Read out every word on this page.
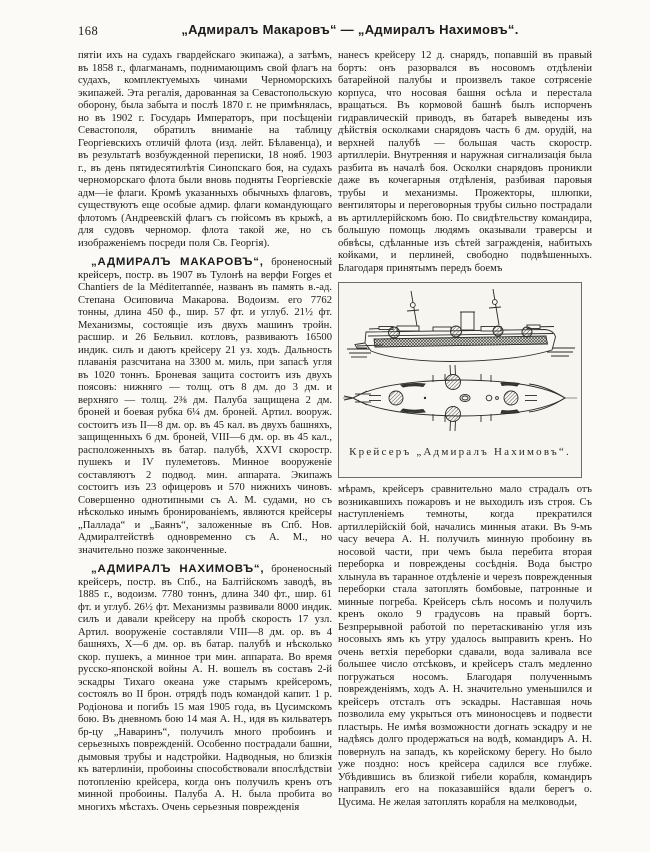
168	„Адмиралъ Макаровъ“ — „Адмиралъ Нахимовъ“.

пятіи ихъ на судахъ гвардейскаго экипажа), а затѣмъ, въ 1858 г., флагманамъ, поднимающимъ свой флагъ на судахъ, комплектуемыхъ чинами Черноморскихъ экипажей. Эта регалія, дарованная за Севастопольскую оборону, была забыта и послѣ 1870 г. не примѣнялась, но въ 1902 г. Государь Императоръ, при посѣщеніи Севастополя, обратилъ вниманіе на таблицу Георгіевскихъ отличій флота (изд. лейт. Бѣлавенца), и въ результатѣ возбужденной переписки, 18 нояб. 1903 г., въ день пятидесятилѣтія Синопскаго боя, на судахъ черноморскаго флота были вновь подняты Георгіевскіе адм—іе флаги. Кромѣ указанныхъ обычныхъ флаговъ, существуютъ еще особые адмир. флаги командующаго флотомъ (Андреевскій флагъ съ гюйсомъ въ крыжѣ, а для судовъ черномор. флота такой же, но съ изображеніемъ посреди поля Св. Георгія).

„АДМИРАЛЪ МАКАРОВЪ“, броненосный крейсеръ, постр. въ 1907 въ Тулонѣ на верфи Forges et Chantiers de la Méditerrannée, названъ въ память в.-ад. Степана Осиповича Макарова. Водоизм. его 7762 тонны, длина 450 ф., шир. 57 фт. и углуб. 21½ фт. Механизмы, состоящіе изъ двухъ машинъ тройн. расшир. и 26 Бельвил. котловъ, развиваютъ 16500 индик. силъ и даютъ крейсеру 21 уз. ходъ. Дальность плаванія разсчитана на 3300 м. миль, при запасѣ угля въ 1020 тоннъ. Броневая защита состоитъ изъ двухъ поясовъ: нижняго — толщ. отъ 8 дм. до 3 дм. и верхняго — толщ. 2⅜ дм. Палуба защищена 2 дм. броней и боевая рубка 6¼ дм. броней. Артил. вооруж. состоитъ изъ II—8 дм. ор. въ 45 кал. въ двухъ башняхъ, защищенныхъ 6 дм. броней, VIII—6 дм. ор. въ 45 кал., расположенныхъ въ батар. палубѣ, XXVI скоростр. пушекъ и IV пулеметовъ. Минное вооруженіе составляютъ 2 подвод. мин. аппарата. Экипажъ состоитъ изъ 23 офицеровъ и 570 нижнихъ чиновъ. Совершенно однотипными съ А. М. судами, но съ нѣсколько инымъ бронированіемъ, являются крейсеры „Паллада“ и „Баянъ“, заложенные въ Спб. Нов. Адмиралтействѣ одновременно съ А. М., но значительно позже законченные.

„АДМИРАЛЪ НАХИМОВЪ“, броненосный крейсеръ, постр. въ Спб., на Балтійскомъ заводѣ, въ 1885 г., водоизм. 7780 тоннъ, длина 340 фт., шир. 61 фт. и углуб. 26½ фт. Механизмы развивали 8000 индик. силъ и давали крейсеру на пробѣ скорость 17 узл. Артил. вооруженіе составляли VIII—8 дм. ор. въ 4 башняхъ, X—6 дм. ор. въ батар. палубѣ и нѣсколько скор. пушекъ, а минное три мин. аппарата. Во время русско-японской войны А. Н. вошелъ въ составъ 2-й эскадры Тихаго океана уже старымъ крейсеромъ, состоялъ во II брон. отрядѣ подъ командой капит. 1 р. Родіонова и погибъ 15 мая 1905 года, въ Цусимскомъ бою. Въ дневномъ бою 14 мая А. Н., идя въ кильватеръ бр-цу „Наваринъ“, получилъ много пробоинъ и серьезныхъ поврежденій. Особенно пострадали башни, дымовыя трубы и надстройки. Надводныя, но близкія къ ватерлиніи, пробоины способствовали впослѣдствіи потопленію крейсера, когда онъ получилъ кренъ отъ минной пробоины. Палуба А. Н. была пробита во многихъ мѣстахъ. Очень серьезныя поврежденія

нанесъ крейсеру 12 д. снарядъ, попавшій въ правый бортъ: онъ разорвался въ носовомъ отдѣленіи батарейной палубы и произвелъ такое сотрясеніе корпуса, что носовая башня осѣла и перестала вращаться. Въ кормовой башнѣ былъ испорченъ гидравлическій приводъ, въ батареѣ выведены изъ дѣйствія осколками снарядовъ часть 6 дм. орудій, на верхней палубѣ — большая часть скоростр. артиллеріи. Внутренняя и наружная сигнализація была разбита въ началѣ боя. Осколки снарядовъ проникли даже въ кочегарныя отдѣленія, разбивая паровыя трубы и механизмы. Прожекторы, шлюпки, вентиляторы и переговорныя трубы сильно пострадали въ артиллерійскомъ бою. По свидѣтельству командира, большую помощь людямъ оказывали траверсы и обвѣсы, сдѣланные изъ сѣтей загражденія, набитыхъ койками, и перлиней, свободно подвѣшенныхъ. Благодаря принятымъ передъ боемъ

Крейсеръ „Адмиралъ Нахимовъ“.

мѣрамъ, крейсеръ сравнительно мало страдалъ отъ возникавшихъ пожаровъ и не выходилъ изъ строя. Съ наступленіемъ темноты, когда прекратился артиллерійскій бой, начались минныя атаки. Въ 9-мъ часу вечера А. Н. получилъ минную пробоину въ носовой части, при чемъ была перебита вторая переборка и повреждены сосѣднія. Вода быстро хлынула въ таранное отдѣленіе и черезъ поврежденныя переборки стала затоплять бомбовые, патронные и минные погреба. Крейсеръ сѣлъ носомъ и получилъ кренъ около 9 градусовъ на правый бортъ. Безпрерывной работой по перетаскиванію угля изъ носовыхъ ямъ къ утру удалось выправить кренъ. Но очень ветхія переборки сдавали, вода заливала все большее число отсѣковъ, и крейсеръ сталъ медленно погружаться носомъ. Благодаря полученнымъ поврежденіямъ, ходъ А. Н. значительно уменьшился и крейсеръ отсталъ отъ эскадры. Наставшая ночь позволила ему укрыться отъ миноносцевъ и подвести пластырь. Не имѣя возможности догнать эскадру и не надѣясь долго продержаться на водѣ, командиръ А. Н. повернулъ на западъ, къ корейскому берегу. Но было уже поздно: носъ крейсера садился все глубже. Убѣдившись въ близкой гибели корабля, командиръ направилъ его на показавшійся вдали берегъ о. Цусима. Не желая затоплять корабля на мелководьи,
